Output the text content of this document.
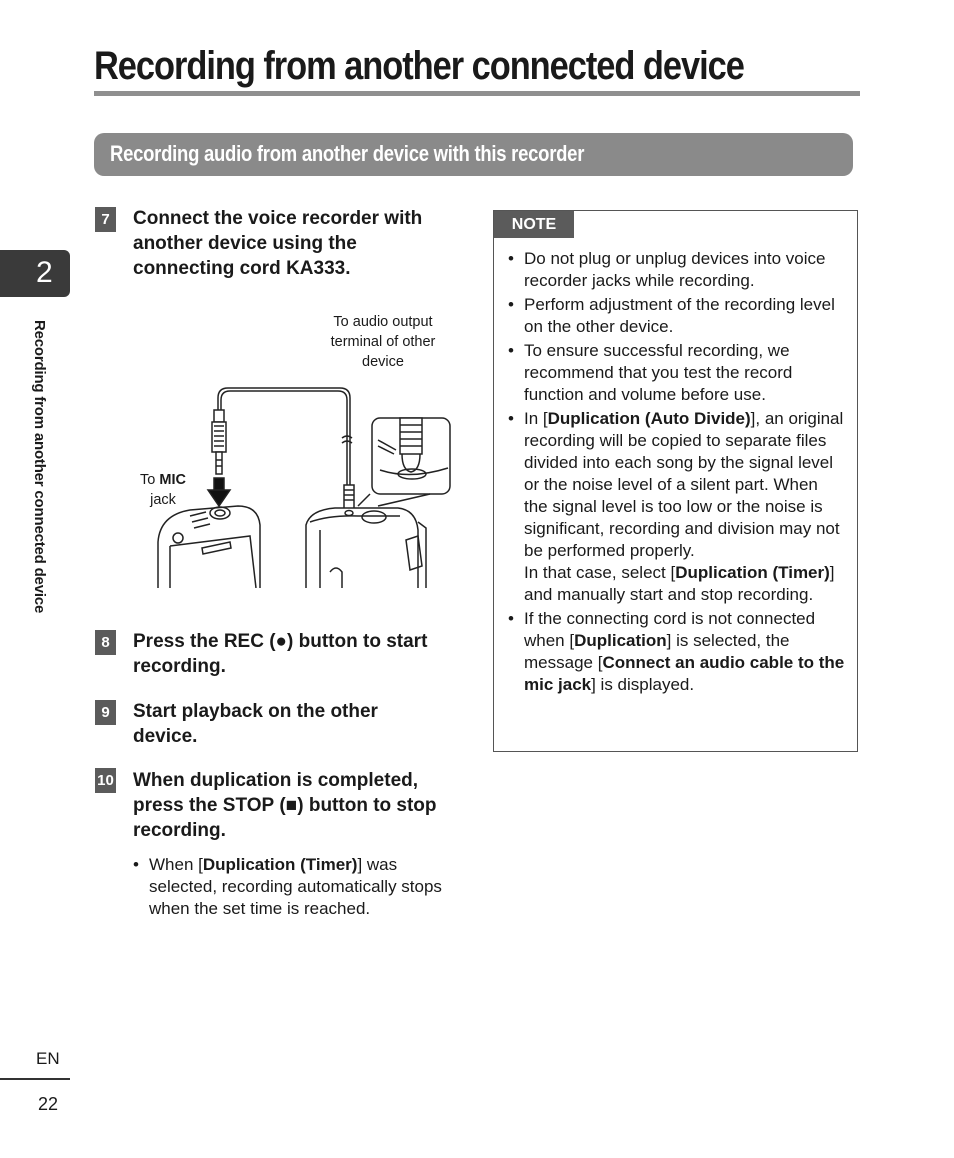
Recording from another connected device
Recording audio from another device with this recorder
2
Recording from another connected device
7	Connect the voice recorder with another device using the connecting cord KA333.
To audio output terminal of other device
To MIC
jack
8	Press the REC (●) button to start recording.
9	Start playback on the other device.
10 When duplication is completed, press the STOP (■) button to stop recording.
• When [Duplication (Timer)] was selected, recording automatically stops when the set time is reached.
NOTE
• Do not plug or unplug devices into voice recorder jacks while recording.
• Perform adjustment of the recording level on the other device.
• To ensure successful recording, we recommend that you test the record function and volume before use.
• In [Duplication (Auto Divide)], an original recording will be copied to separate files divided into each song by the signal level or the noise level of a silent part. When the signal level is too low or the noise is significant, recording and division may not be performed properly.
In that case, select [Duplication (Timer)] and manually start and stop recording.
• If the connecting cord is not connected when [Duplication] is selected, the message [Connect an audio cable to the mic jack] is displayed.
EN
22
